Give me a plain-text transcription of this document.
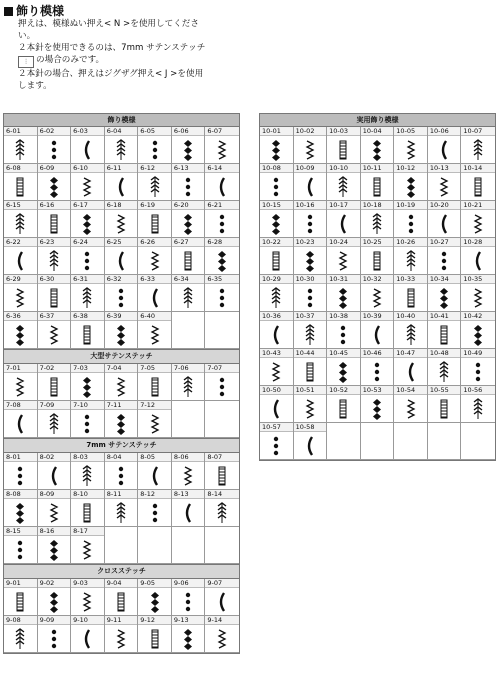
飾り模様
押えは、模様ぬい押え< N >を使用してくださ
い。
２本針を使用できるのは、7mm サテンステッチ
⫶ の場合のみです。
２本針の場合、押えはジグザグ押え< J >を使用
します。
飾り模様
6-01	6-02	6-03	6-04	6-05	6-06	6-07
6-08	6-09	6-10	6-11	6-12	6-13	6-14
6-15	6-16	6-17	6-18	6-19	6-20	6-21
6-22	6-23	6-24	6-25	6-26	6-27	6-28
6-29	6-30	6-31	6-32	6-33	6-34	6-35
6-36	6-37	6-38	6-39	6-40
大型サテンステッチ
7-01	7-02	7-03	7-04	7-05	7-06	7-07
7-08	7-09	7-10	7-11	7-12
7mm サテンステッチ
8-01	8-02	8-03	8-04	8-05	8-06	8-07
8-08	8-09	8-10	8-11	8-12	8-13	8-14
8-15	8-16	8-17
クロスステッチ
9-01	9-02	9-03	9-04	9-05	9-06	9-07
9-08	9-09	9-10	9-11	9-12	9-13	9-14
実用飾り模様
10-01	10-02	10-03	10-04	10-05	10-06	10-07
10-08	10-09	10-10	10-11	10-12	10-13	10-14
10-15	10-16	10-17	10-18	10-19	10-20	10-21
10-22	10-23	10-24	10-25	10-26	10-27	10-28
10-29	10-30	10-31	10-32	10-33	10-34	10-35
10-36	10-37	10-38	10-39	10-40	10-41	10-42
10-43	10-44	10-45	10-46	10-47	10-48	10-49
10-50	10-51	10-52	10-53	10-54	10-55	10-56
10-57	10-58
